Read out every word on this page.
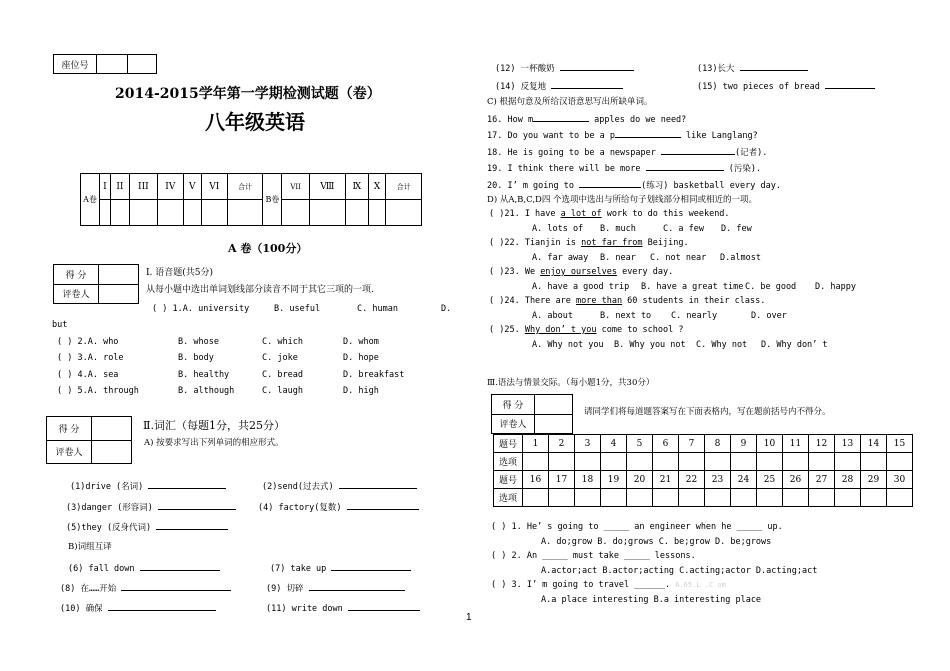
座位号		
2014-2015学年第一学期检测试题（卷）
八年级英语
A卷	I	II	III	IV	V	VI	合计	B卷	VII	Ⅷ	Ⅸ	X	合计

A 卷（100分）
得 分	
评卷人	
I. 语音题(共5分)
从每小题中选出单词划线部分读音不同于其它三项的一项.
( ) 1.A. university	B. useful	C. human	D.
but
( ) 2.A. who	B. whose	C. which	D. whom
( ) 3.A. role	B. body	C. joke	D. hope
( ) 4.A. sea	B. healthy	C. bread	D. breakfast
( ) 5.A. through	B. although	C. laugh	D. high
得 分	
评卷人	
Ⅱ.词汇（每题1分，共25分）
A) 按要求写出下列单词的相应形式。
(1)drive (名词)	(2)send(过去式)
(3)danger (形容词)	(4) factory(复数)
(5)they (反身代词)
B)词组互译
(6) fall down	(7) take up
(8) 在……开始	(9) 切碎
(10) 确保	(11) write down
(12) 一杯酸奶	(13)长大
(14) 反复地	(15) two pieces of bread
C) 根据句意及所给汉语意思写出所缺单词。
16. How m	apples do we need?
17. Do you want to be a p	like Langlang?
18. He is going to be a newspaper	(记者).
19. I think there will be more	(污染).
20. I’ m going to	(练习) basketball every day.
D) 从A,B,C,D四 个选项中选出与所给句子划线部分相同或相近的一项。
( )21. I have a lot of work to do this weekend.
A. lots of B. much	C. a few D. few
( )22. Tianjin is not far from Beijing.
A. far away B. near C. not near D.almost
( )23. We enjoy ourselves every day.
A. have a good trip B. have a great time C. be good D. happy
( )24. There are more than 60 students in their class.
A. about	B. next to C. nearly	D. over
( )25. Why don’ t you come to school ?
A. Why not you B. Why you not C. Why not D. Why don’ t
Ⅲ.语法与情景交际。（每小题1分，共30分）
得 分	
评卷人	
请同学们将每道题答案写在下面表格内，写在题前括号内不得分。
题号	1	2	3	4	5	6	7	8	9	10	11	12	13	14	15
选项															
题号	16	17	18	19	20	21	22	23	24	25	26	27	28	29	30
选项															
( ) 1. He’ s going to _____ an engineer when he _____ up.
A. do;grow B. do;grows C. be;grow D. be;grows
( ) 2. An _____ must take _____ lessons.
A.actor;act B.actor;acting C.acting;actor D.acting;act
( ) 3. I’ m going to travel ______. A.65.L .C om
A.a place interesting B.a interesting place
1
